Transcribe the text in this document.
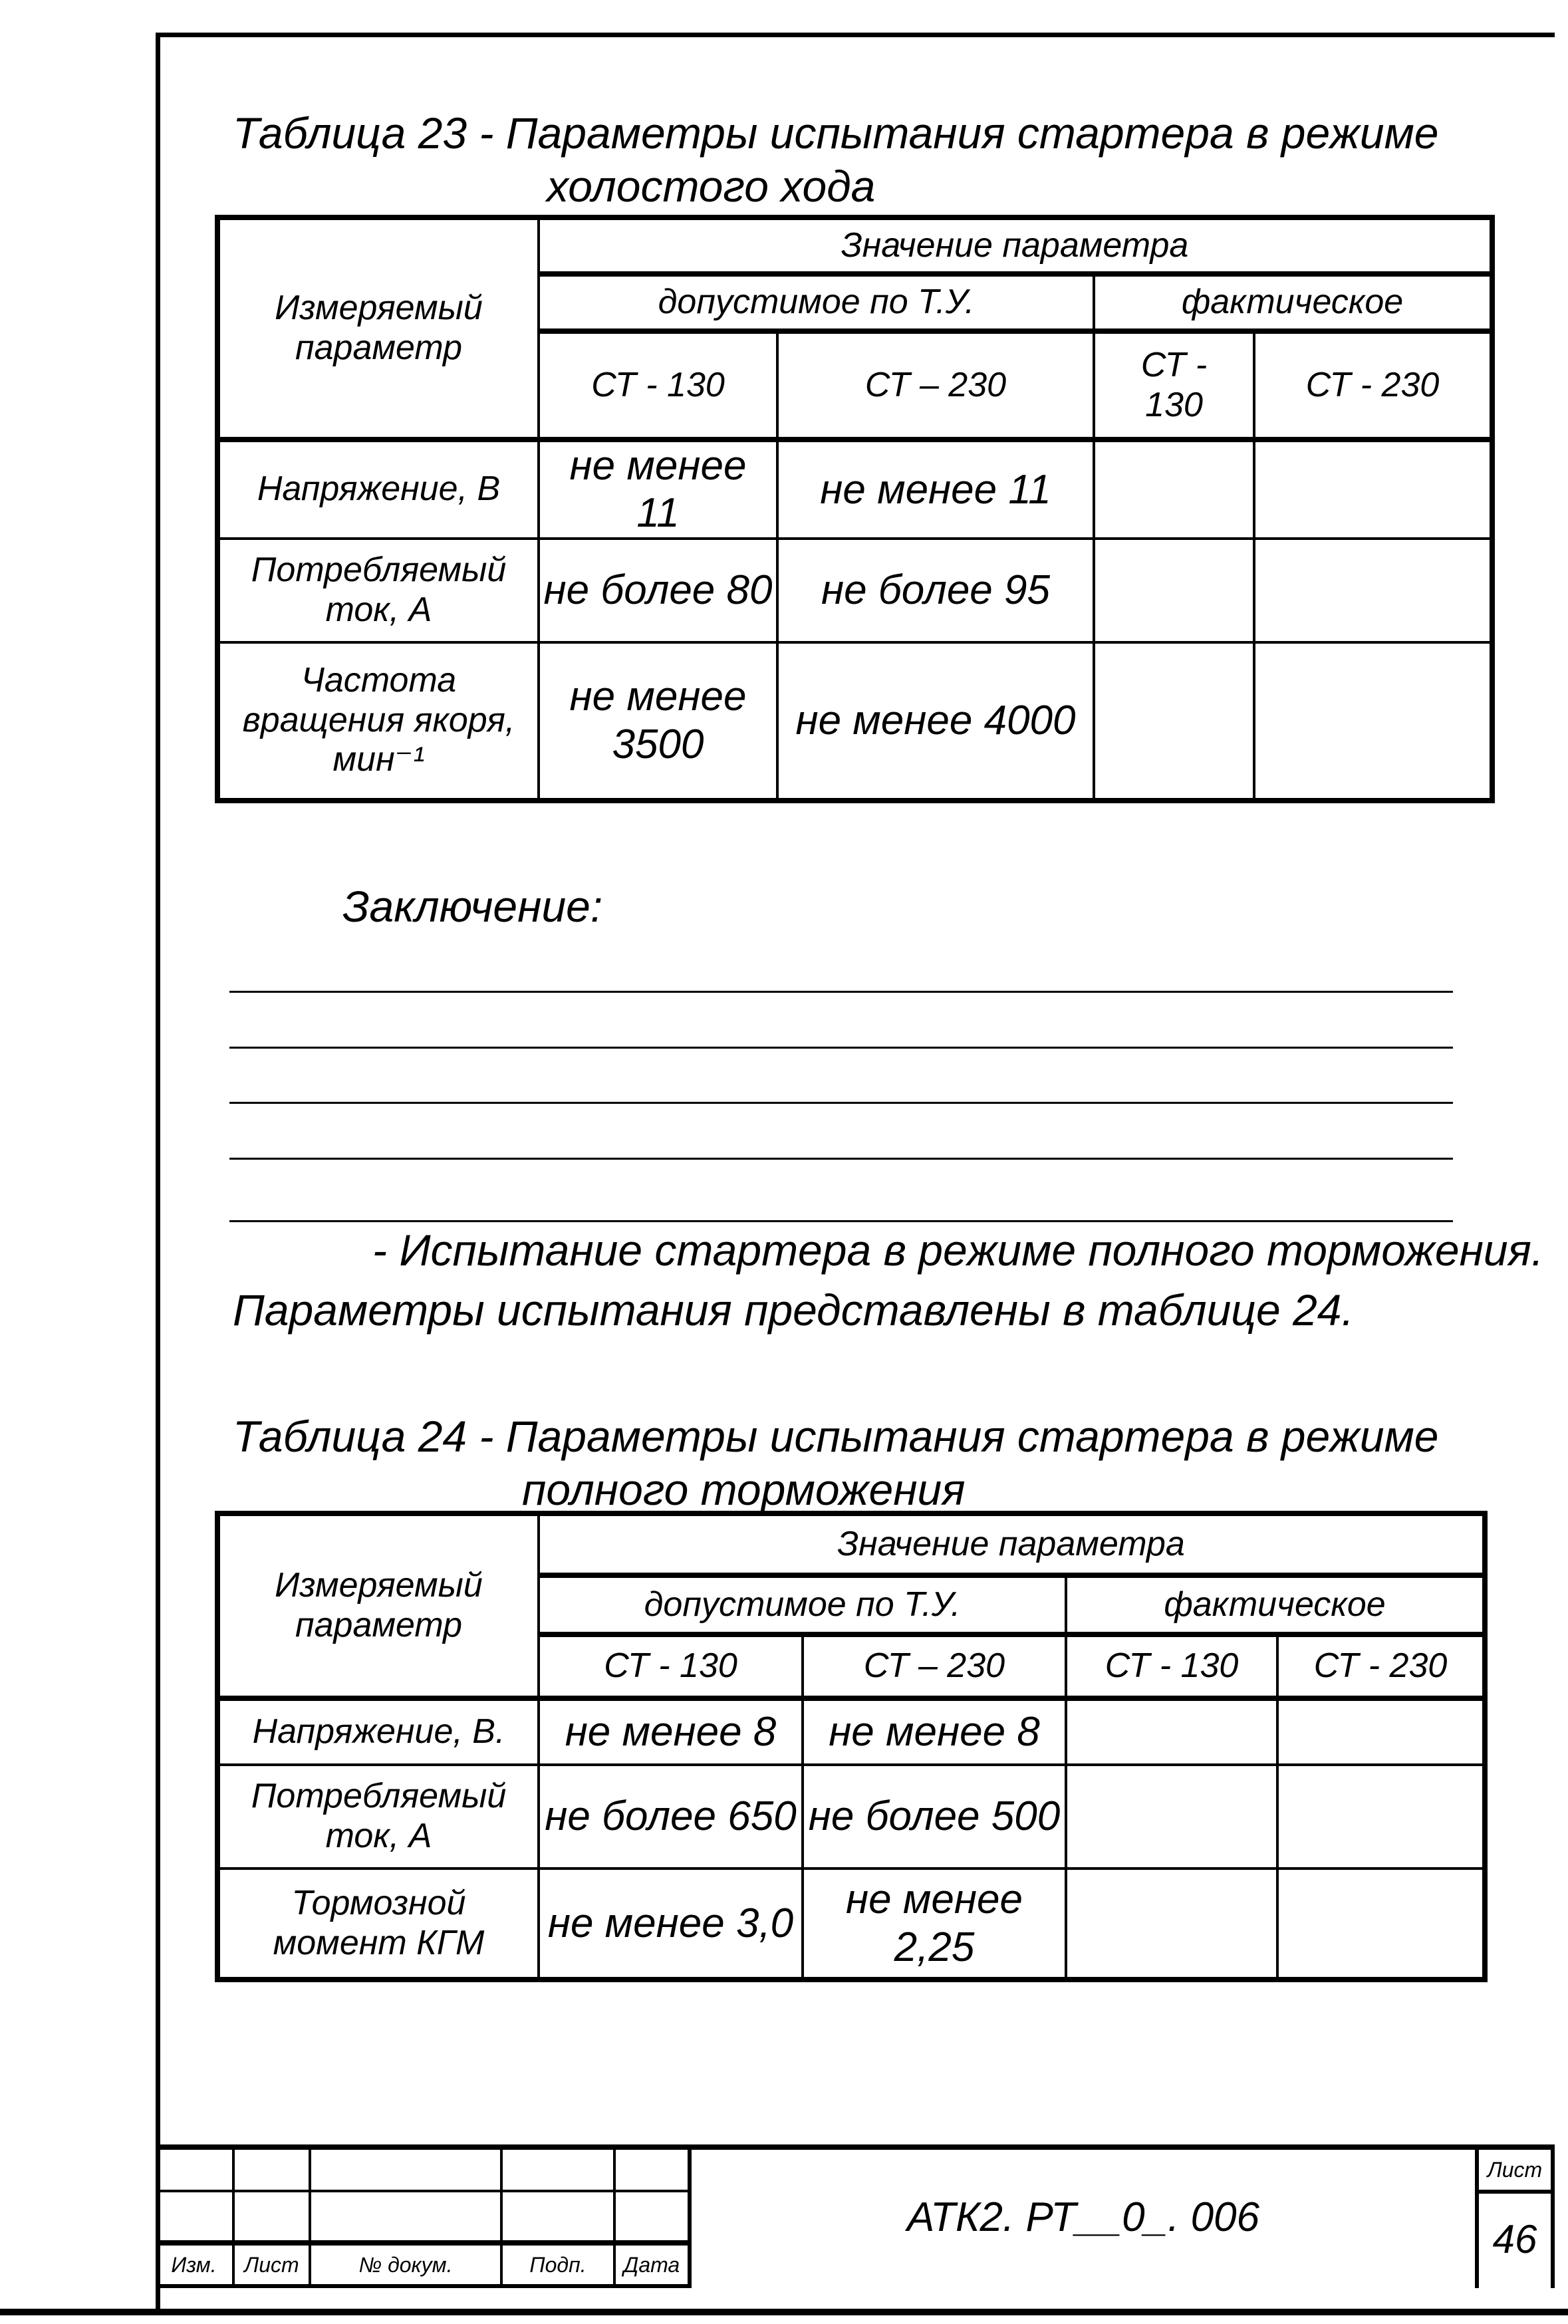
Таблица 23 - Параметры испытания стартера в режиме
холостого хода
Измеряемый параметр	Значение параметра			
	допустимое по Т.У.		фактическое	
	СТ - 130	СТ – 230	СТ - 130	СТ - 230
Напряжение, В	не менее 11	не менее 11		
Потребляемый ток, А	не более 80	не более 95		
Частота вращения якоря, мин⁻¹	не менее 3500	не менее 4000		
Заключение:
- Испытание стартера в режиме полного торможения.
Параметры испытания представлены в таблице 24.
Таблица 24 - Параметры испытания стартера в режиме
полного торможения
Измеряемый параметр	Значение параметра			
	допустимое по Т.У.		фактическое	
	СТ - 130	СТ – 230	СТ - 130	СТ - 230
Напряжение, В.	не менее 8	не менее 8		
Потребляемый ток, А	не более 650	не более 500		
Тормозной момент КГМ	не менее 3,0	не менее 2,25		
Изм.	Лист	№ докум.	Подп.	Дата
АТК2. РТ__0_. 006
Лист
46
